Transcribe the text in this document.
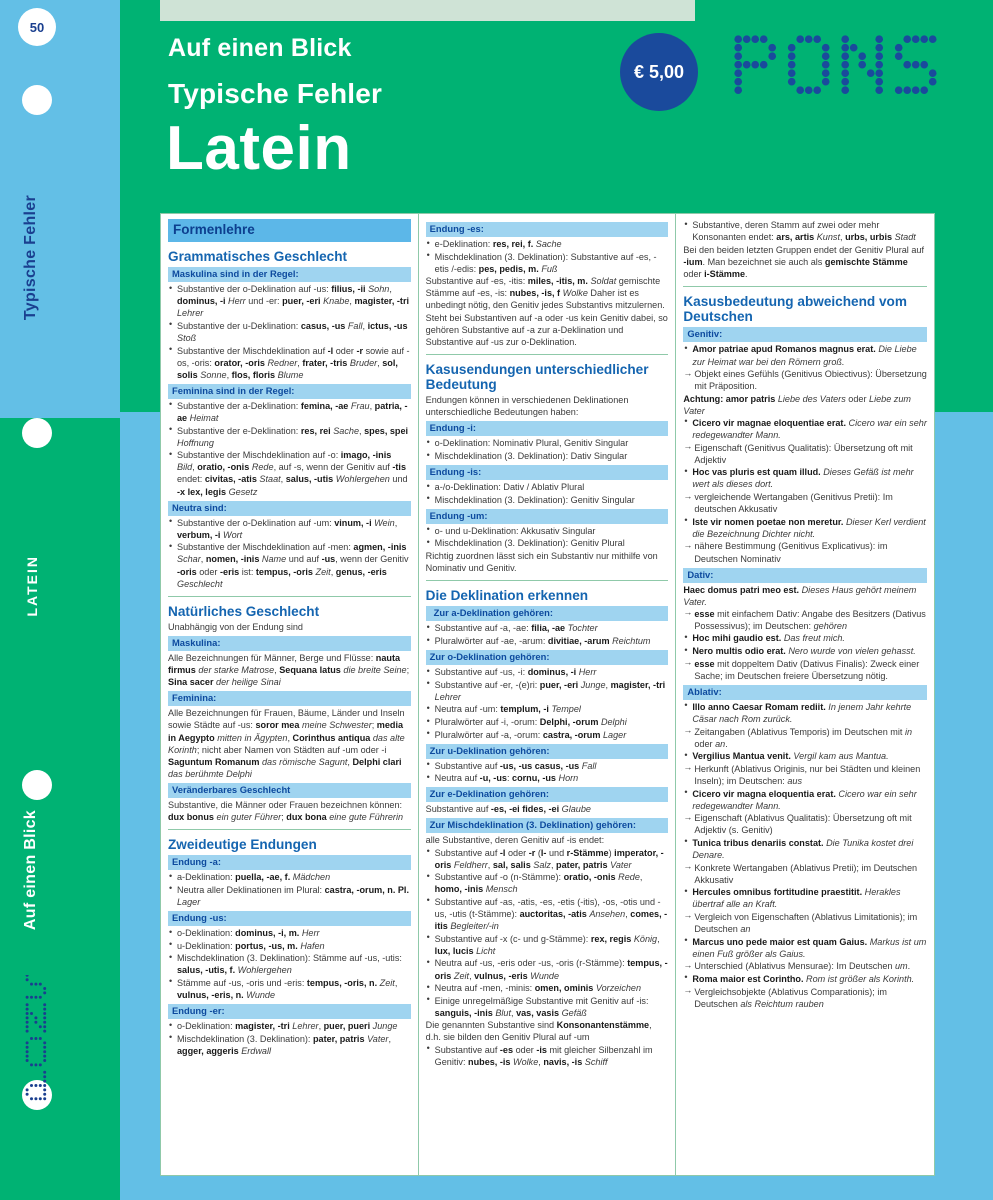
50
Typische Fehler
LATEIN
Auf einen Blick
Auf einen Blick
Typische Fehler
Latein
€ 5,00
Formenlehre
Grammatisches Geschlecht
Maskulina sind in der Regel:
• Substantive der o-Deklination auf -us: filius, -ii Sohn, dominus, -i Herr und -er: puer, -eri Knabe, magister, -tri Lehrer
• Substantive der u-Deklination: casus, -us Fall, ictus, -us Stoß
• Substantive der Mischdeklination auf -l oder -r sowie auf -os, -oris: orator, -oris Redner, frater, -tris Bruder, sol, solis Sonne, flos, floris Blume
Feminina sind in der Regel:
• Substantive der a-Deklination: femina, -ae Frau, patria, -ae Heimat
• Substantive der e-Deklination: res, rei Sache, spes, spei Hoffnung
• Substantive der Mischdeklination auf -o: imago, -inis Bild, oratio, -onis Rede, auf -s, wenn der Genitiv auf -tis endet: civitas, -atis Staat, salus, -utis Wohlergehen und -x lex, legis Gesetz
Neutra sind:
• Substantive der o-Deklination auf -um: vinum, -i Wein, verbum, -i Wort
• Substantive der Mischdeklination auf -men: agmen, -inis Schar, nomen, -inis Name und auf -us, wenn der Genitiv -oris oder -eris ist: tempus, -oris Zeit, genus, -eris Geschlecht
Natürliches Geschlecht
Unabhängig von der Endung sind
Maskulina:
Alle Bezeichnungen für Männer, Berge und Flüsse: nauta firmus der starke Matrose, Sequana latus die breite Seine; Sina sacer der heilige Sinai
Feminina:
Alle Bezeichnungen für Frauen, Bäume, Länder und Inseln sowie Städte auf -us: soror mea meine Schwester; media in Aegypto mitten in Ägypten, Corinthus antiqua das alte Korinth; nicht aber Namen von Städten auf -um oder -i Saguntum Romanum das römische Sagunt, Delphi clari das berühmte Delphi
Veränderbares Geschlecht
Substantive, die Männer oder Frauen bezeichnen können: dux bonus ein guter Führer; dux bona eine gute Führerin
Zweideutige Endungen
Endung -a:
• a-Deklination: puella, -ae, f. Mädchen
• Neutra aller Deklinationen im Plural: castra, -orum, n. Pl. Lager
Endung -us:
• o-Deklination: dominus, -i, m. Herr
• u-Deklination: portus, -us, m. Hafen
• Mischdeklination (3. Deklination): Stämme auf -us, -utis: salus, -utis, f. Wohlergehen
• Stämme auf -us, -oris und -eris: tempus, -oris, n. Zeit, vulnus, -eris, n. Wunde
Endung -er:
• o-Deklination: magister, -tri Lehrer, puer, pueri Junge
• Mischdeklination (3. Deklination): pater, patris Vater, agger, aggeris Erdwall
Endung -es:
• e-Deklination: res, rei, f. Sache
• Mischdeklination (3. Deklination): Substantive auf -es, -etis /-edis: pes, pedis, m. Fuß
Substantive auf -es, -itis: miles, -itis, m. Soldat gemischte Stämme auf -es, -is: nubes, -is, f Wolke Daher ist es unbedingt nötig, den Genitiv jedes Substantivs mitzulernen.
Steht bei Substantiven auf -a oder -us kein Genitiv dabei, so gehören Substantive auf -a zur a-Deklination und Substantive auf -us zur o-Deklination.
Kasusendungen unterschiedlicher Bedeutung
Endungen können in verschiedenen Deklinationen unterschiedliche Bedeutungen haben:
Endung -i:
• o-Deklination: Nominativ Plural, Genitiv Singular
• Mischdeklination (3. Deklination): Dativ Singular
Endung -is:
• a-/o-Deklination: Dativ / Ablativ Plural
• Mischdeklination (3. Deklination): Genitiv Singular
Endung -um:
• o- und u-Deklination: Akkusativ Singular
• Mischdeklination (3. Deklination): Genitiv Plural
Richtig zuordnen lässt sich ein Substantiv nur mithilfe von Nominativ und Genitiv.
Die Deklination erkennen
Zur a-Deklination gehören:
• Substantive auf -a, -ae: filia, -ae Tochter
• Pluralwörter auf -ae, -arum: divitiae, -arum Reichtum
Zur o-Deklination gehören:
• Substantive auf -us, -i: dominus, -i Herr
• Substantive auf -er, -(e)ri: puer, -eri Junge, magister, -tri Lehrer
• Neutra auf -um: templum, -i Tempel
• Pluralwörter auf -i, -orum: Delphi, -orum Delphi
• Pluralwörter auf -a, -orum: castra, -orum Lager
Zur u-Deklination gehören:
• Substantive auf -us, -us casus, -us Fall
• Neutra auf -u, -us: cornu, -us Horn
Zur e-Deklination gehören:
Substantive auf -es, -ei fides, -ei Glaube
Zur Mischdeklination (3. Deklination) gehören:
alle Substantive, deren Genitiv auf -is endet:
• Substantive auf -l oder -r (l- und r-Stämme) imperator, -oris Feldherr, sal, salis Salz, pater, patris Vater
• Substantive auf -o (n-Stämme): oratio, -onis Rede, homo, -inis Mensch
• Substantive auf -as, -atis, -es, -etis (-itis), -os, -otis und -us, -utis (t-Stämme): auctoritas, -atis Ansehen, comes, -itis Begleiter/-in
• Substantive auf -x (c- und g-Stämme): rex, regis König, lux, lucis Licht
• Neutra auf -us, -eris oder -us, -oris (r-Stämme): tempus, -oris Zeit, vulnus, -eris Wunde
• Neutra auf -men, -minis: omen, ominis Vorzeichen
• Einige unregelmäßige Substantive mit Genitiv auf -is: sanguis, -inis Blut, vas, vasis Gefäß
Die genannten Substantive sind Konsonantenstämme, d.h. sie bilden den Genitiv Plural auf -um
• Substantive auf -es oder -is mit gleicher Silbenzahl im Genitiv: nubes, -is Wolke, navis, -is Schiff
• Substantive, deren Stamm auf zwei oder mehr Konsonanten endet: ars, artis Kunst, urbs, urbis Stadt
Bei den beiden letzten Gruppen endet der Genitiv Plural auf -ium. Man bezeichnet sie auch als gemischte Stämme oder i-Stämme.
Kasusbedeutung abweichend vom Deutschen
Genitiv:
• Amor patriae apud Romanos magnus erat. Die Liebe zur Heimat war bei den Römern groß.
→ Objekt eines Gefühls (Genitivus Obiectivus): Übersetzung mit Präposition.
Achtung: amor patris Liebe des Vaters oder Liebe zum Vater
• Cicero vir magnae eloquentiae erat. Cicero war ein sehr redegewandter Mann.
→ Eigenschaft (Genitivus Qualitatis): Übersetzung oft mit Adjektiv
• Hoc vas pluris est quam illud. Dieses Gefäß ist mehr wert als dieses dort.
→ vergleichende Wertangaben (Genitivus Pretii): Im deutschen Akkusativ
• Iste vir nomen poetae non meretur. Dieser Kerl verdient die Bezeichnung Dichter nicht.
→ nähere Bestimmung (Genitivus Explicativus): im Deutschen Nominativ
Dativ:
Haec domus patri meo est. Dieses Haus gehört meinem Vater.
→ esse mit einfachem Dativ: Angabe des Besitzers (Dativus Possessivus); im Deutschen: gehören
• Hoc mihi gaudio est. Das freut mich.
• Nero multis odio erat. Nero wurde von vielen gehasst.
→ esse mit doppeltem Dativ (Dativus Finalis): Zweck einer Sache; im Deutschen freiere Übersetzung nötig.
Ablativ:
• Illo anno Caesar Romam rediit. In jenem Jahr kehrte Cäsar nach Rom zurück.
→ Zeitangaben (Ablativus Temporis) im Deutschen mit in oder an.
• Vergilius Mantua venit. Vergil kam aus Mantua.
→ Herkunft (Ablativus Originis, nur bei Städten und kleinen Inseln); im Deutschen: aus
• Cicero vir magna eloquentia erat. Cicero war ein sehr redegewandter Mann.
→ Eigenschaft (Ablativus Qualitatis): Übersetzung oft mit Adjektiv (s. Genitiv)
• Tunica tribus denariis constat. Die Tunika kostet drei Denare.
→ Konkrete Wertangaben (Ablativus Pretii); im Deutschen Akkusativ
• Hercules omnibus fortitudine praestitit. Herakles übertraf alle an Kraft.
→ Vergleich von Eigenschaften (Ablativus Limitationis); im Deutschen an
• Marcus uno pede maior est quam Gaius. Markus ist um einen Fuß größer als Gaius.
→ Unterschied (Ablativus Mensurae): Im Deutschen um.
• Roma maior est Corintho. Rom ist größer als Korinth.
→ Vergleichsobjekte (Ablativus Comparationis); im Deutschen als Reichtum rauben
